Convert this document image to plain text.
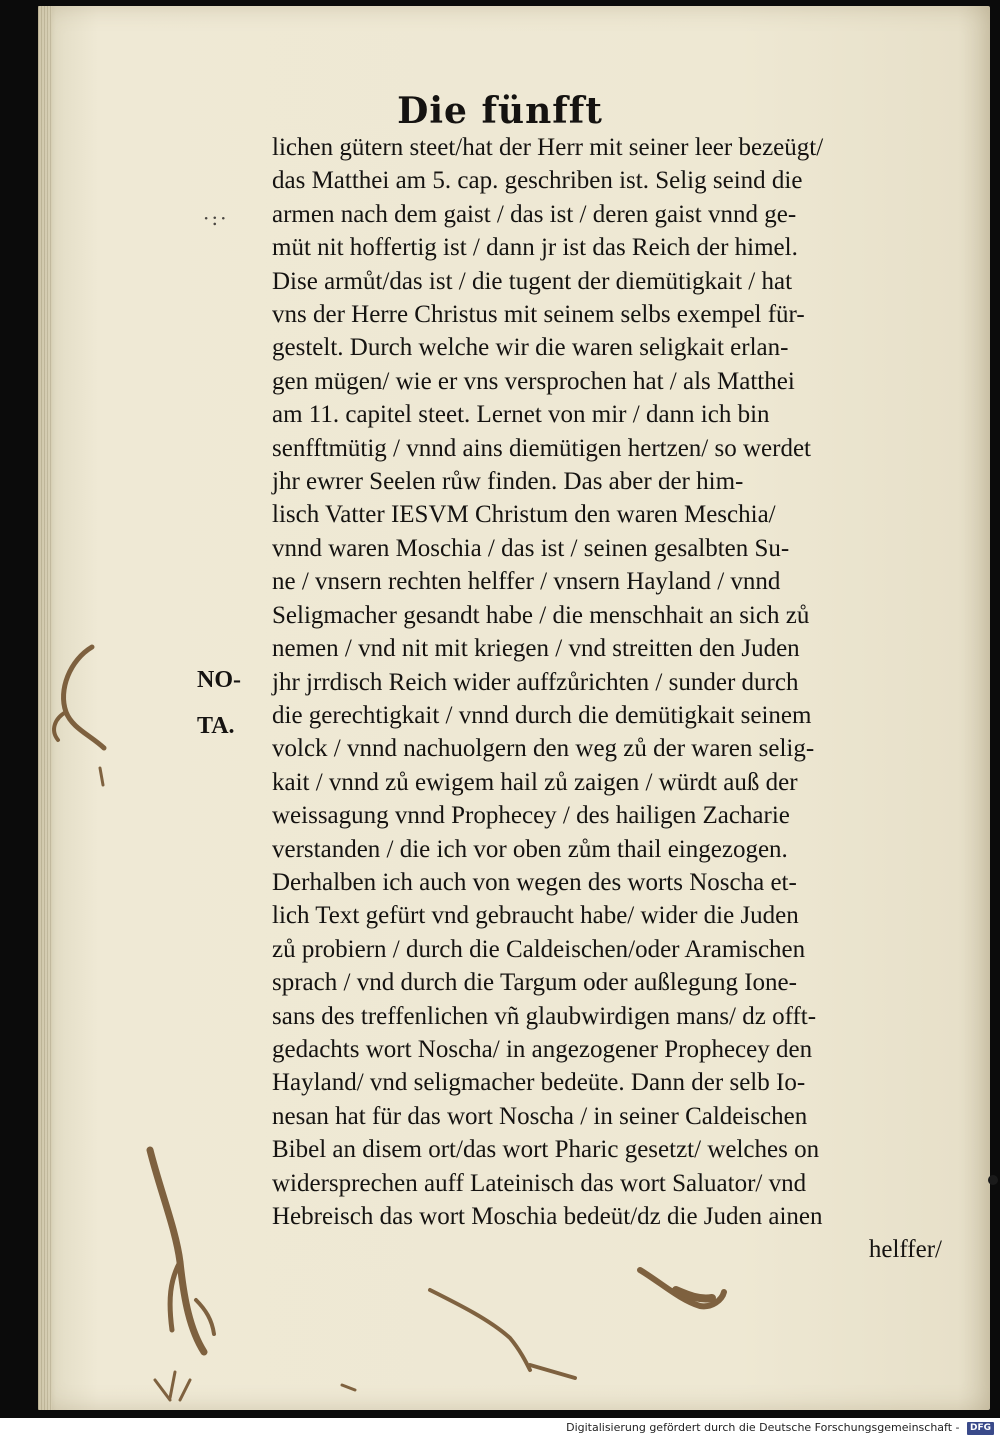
Die fünfft
·:·
NO-
TA.
lichen gütern steet/hat der Herr mit seiner leer bezeügt/
das Matthei am 5. cap. geschriben ist. Selig seind die
armen nach dem gaist / das ist / deren gaist vnnd ge-
müt nit hoffertig ist / dann jr ist das Reich der himel.
Dise armůt/das ist / die tugent der diemütigkait / hat
vns der Herre Christus mit seinem selbs exempel für-
gestelt. Durch welche wir die waren seligkait erlan-
gen mügen/ wie er vns versprochen hat / als Matthei
am 11. capitel steet. Lernet von mir / dann ich bin
senfftmütig / vnnd ains diemütigen hertzen/ so werdet
jhr ewrer Seelen růw finden. Das aber der him-
lisch Vatter IESVM Christum den waren Meschia/
vnnd waren Moschia / das ist / seinen gesalbten Su-
ne / vnsern rechten helffer / vnsern Hayland / vnnd
Seligmacher gesandt habe / die menschhait an sich zů
nemen / vnd nit mit kriegen / vnd streitten den Juden
jhr jrrdisch Reich wider auffzůrichten / sunder durch
die gerechtigkait / vnnd durch die demütigkait seinem
volck / vnnd nachuolgern den weg zů der waren selig-
kait / vnnd zů ewigem hail zů zaigen / würdt auß der
weissagung vnnd Prophecey / des hailigen Zacharie
verstanden / die ich vor oben zům thail eingezogen.
Derhalben ich auch von wegen des worts Noscha et-
lich Text gefürt vnd gebraucht habe/ wider die Juden
zů probiern / durch die Caldeischen/oder Aramischen
sprach / vnd durch die Targum oder außlegung Ione-
sans des treffenlichen vñ glaubwirdigen mans/ dz offt-
gedachts wort Noscha/ in angezogener Prophecey den
Hayland/ vnd seligmacher bedeüte. Dann der selb Io-
nesan hat für das wort Noscha / in seiner Caldeischen
Bibel an disem ort/das wort Pharic gesetzt/ welches on
widersprechen auff Lateinisch das wort Saluator/ vnd
Hebreisch das wort Moschia bedeüt/dz die Juden ainen
helffer/
Digitalisierung gefördert durch die Deutsche Forschungsgemeinschaft - DFG
